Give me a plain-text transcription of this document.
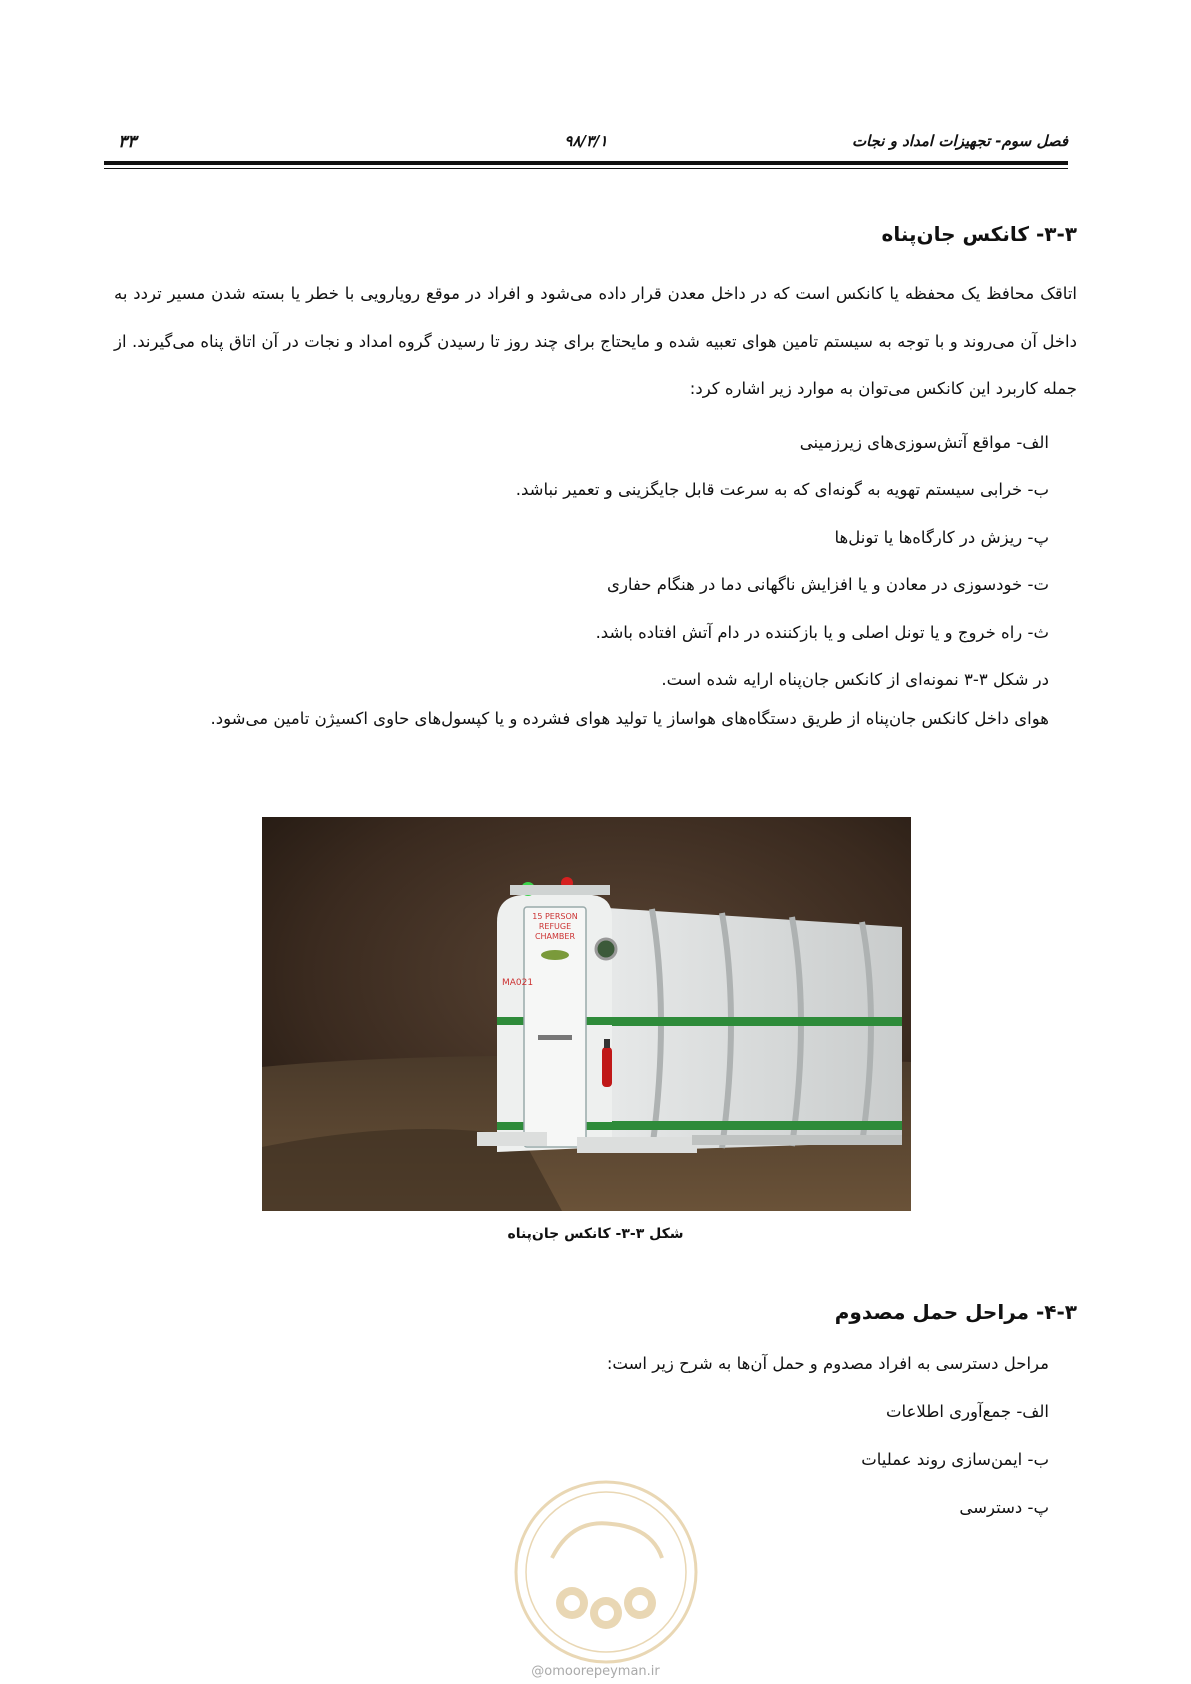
فصل سوم- تجهیزات امداد و نجات
۹۸/۳/۱
۳۳
۳-۳- کانکس جان‌پناه
اتاقک محافظ یک محفظه یا کانکس است که در داخل معدن قرار داده می‌شود و افراد در موقع رویارویی با خطر یا بسته شدن مسیر تردد به داخل آن می‌روند و با توجه به سیستم تامین هوای تعبیه شده و مایحتاج برای چند روز تا رسیدن گروه امداد و نجات در آن اتاق پناه می‌گیرند. از جمله کاربرد این کانکس می‌توان به موارد زیر اشاره کرد:
الف- مواقع آتش‌سوزی‌های زیرزمینی
ب- خرابی سیستم تهویه به گونه‌ای که به سرعت قابل جایگزینی و تعمیر نباشد.
پ- ریزش در کارگاه‌ها یا تونل‌ها
ت- خودسوزی در معادن و یا افزایش ناگهانی دما در هنگام حفاری
ث- راه خروج و یا تونل اصلی و یا بازکننده در دام آتش افتاده باشد.
در شکل ۳-۳ نمونه‌ای از کانکس جان‌پناه ارایه شده است.
هوای داخل کانکس جان‌پناه از طریق دستگاه‌های هواساز یا تولید هوای فشرده و یا کپسول‌های حاوی اکسیژن تامین می‌شود.
15 PERSON
REFUGE
CHAMBER
MA021
شکل ۳-۳- کانکس جان‌پناه
۴-۳- مراحل حمل مصدوم
مراحل دسترسی به افراد مصدوم و حمل آن‌ها به شرح زیر است:
الف- جمع‌آوری اطلاعات
ب- ایمن‌سازی روند عملیات
پ- دسترسی
@omoorepeyman.ir
